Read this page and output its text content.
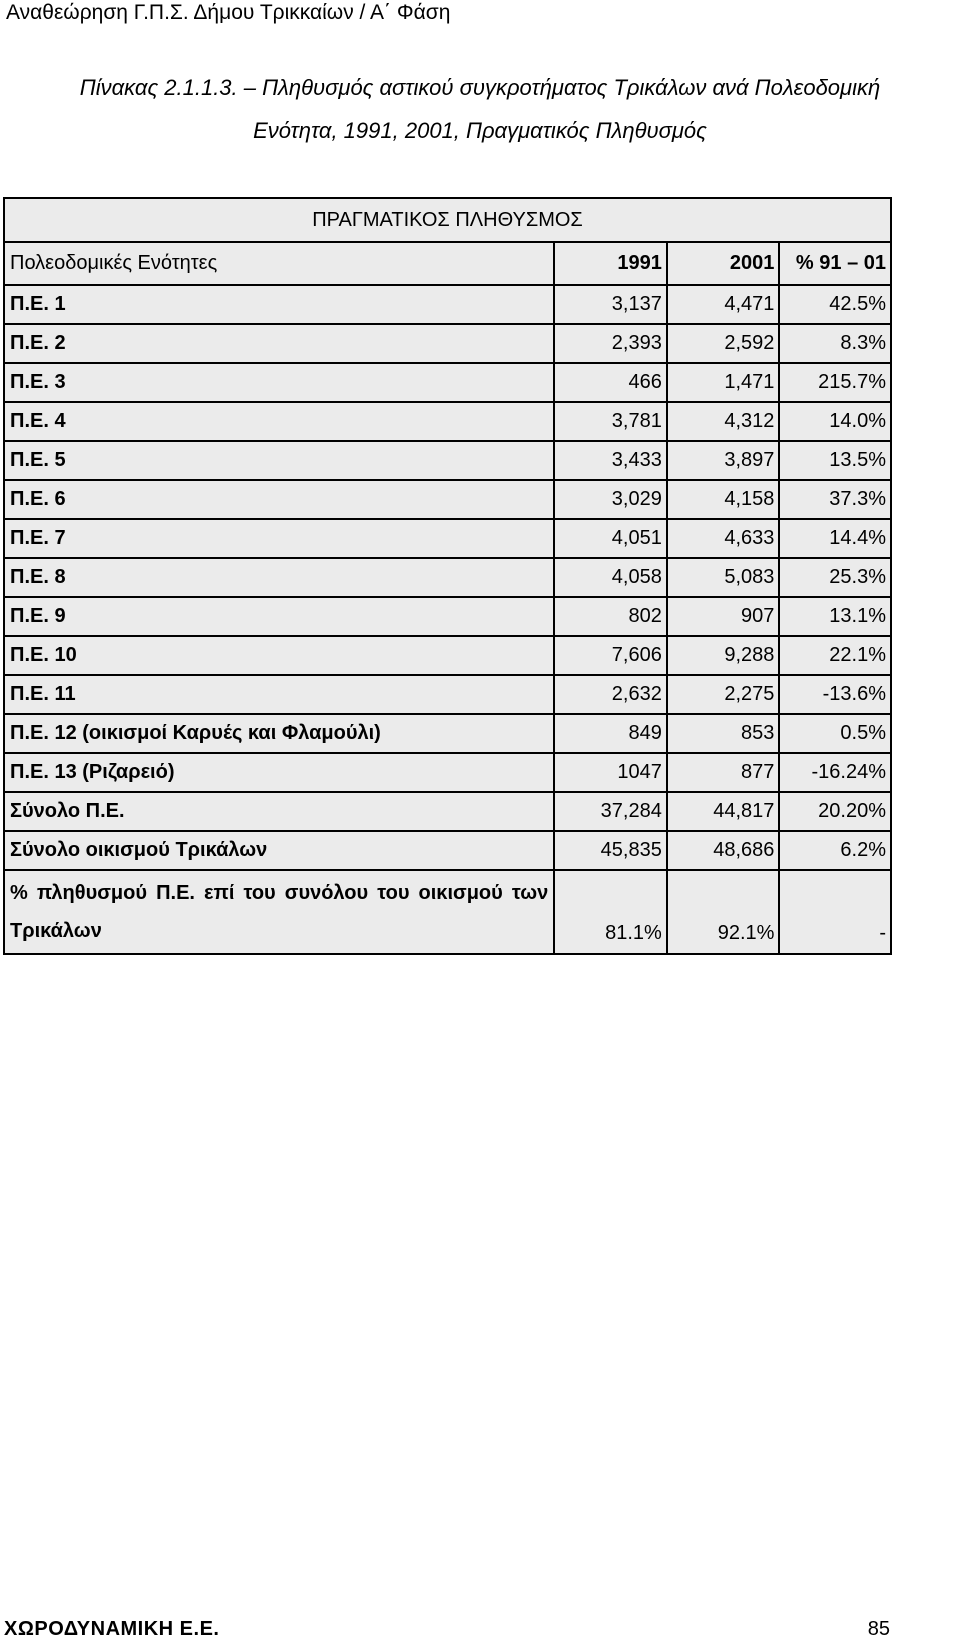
Αναθεώρηση Γ.Π.Σ. Δήμου Τρικκαίων / Α΄ Φάση
Πίνακας 2.1.1.3. – Πληθυσμός αστικού συγκροτήματος Τρικάλων ανά Πολεοδομική
Ενότητα, 1991, 2001, Πραγματικός Πληθυσμός
ΠΡΑΓΜΑΤΙΚΟΣ ΠΛΗΘΥΣΜΟΣ			
Πολεοδομικές Ενότητες	1991	2001	% 91 – 01
Π.Ε. 1	3,137	4,471	42.5%
Π.Ε. 2	2,393	2,592	8.3%
Π.Ε. 3	466	1,471	215.7%
Π.Ε. 4	3,781	4,312	14.0%
Π.Ε. 5	3,433	3,897	13.5%
Π.Ε. 6	3,029	4,158	37.3%
Π.Ε. 7	4,051	4,633	14.4%
Π.Ε. 8	4,058	5,083	25.3%
Π.Ε. 9	802	907	13.1%
Π.Ε. 10	7,606	9,288	22.1%
Π.Ε. 11	2,632	2,275	-13.6%
Π.Ε. 12 (οικισμοί Καρυές και Φλαμούλι)	849	853	0.5%
Π.Ε. 13 (Ριζαρειό)	1047	877	-16.24%
Σύνολο Π.Ε.	37,284	44,817	20.20%
Σύνολο οικισμού Τρικάλων	45,835	48,686	6.2%
% πληθυσμού Π.Ε. επί του συνόλου του οικισμού των Τρικάλων	81.1%	92.1%	-
ΧΩΡΟΔΥΝΑΜΙΚΗ Ε.Ε.	85
